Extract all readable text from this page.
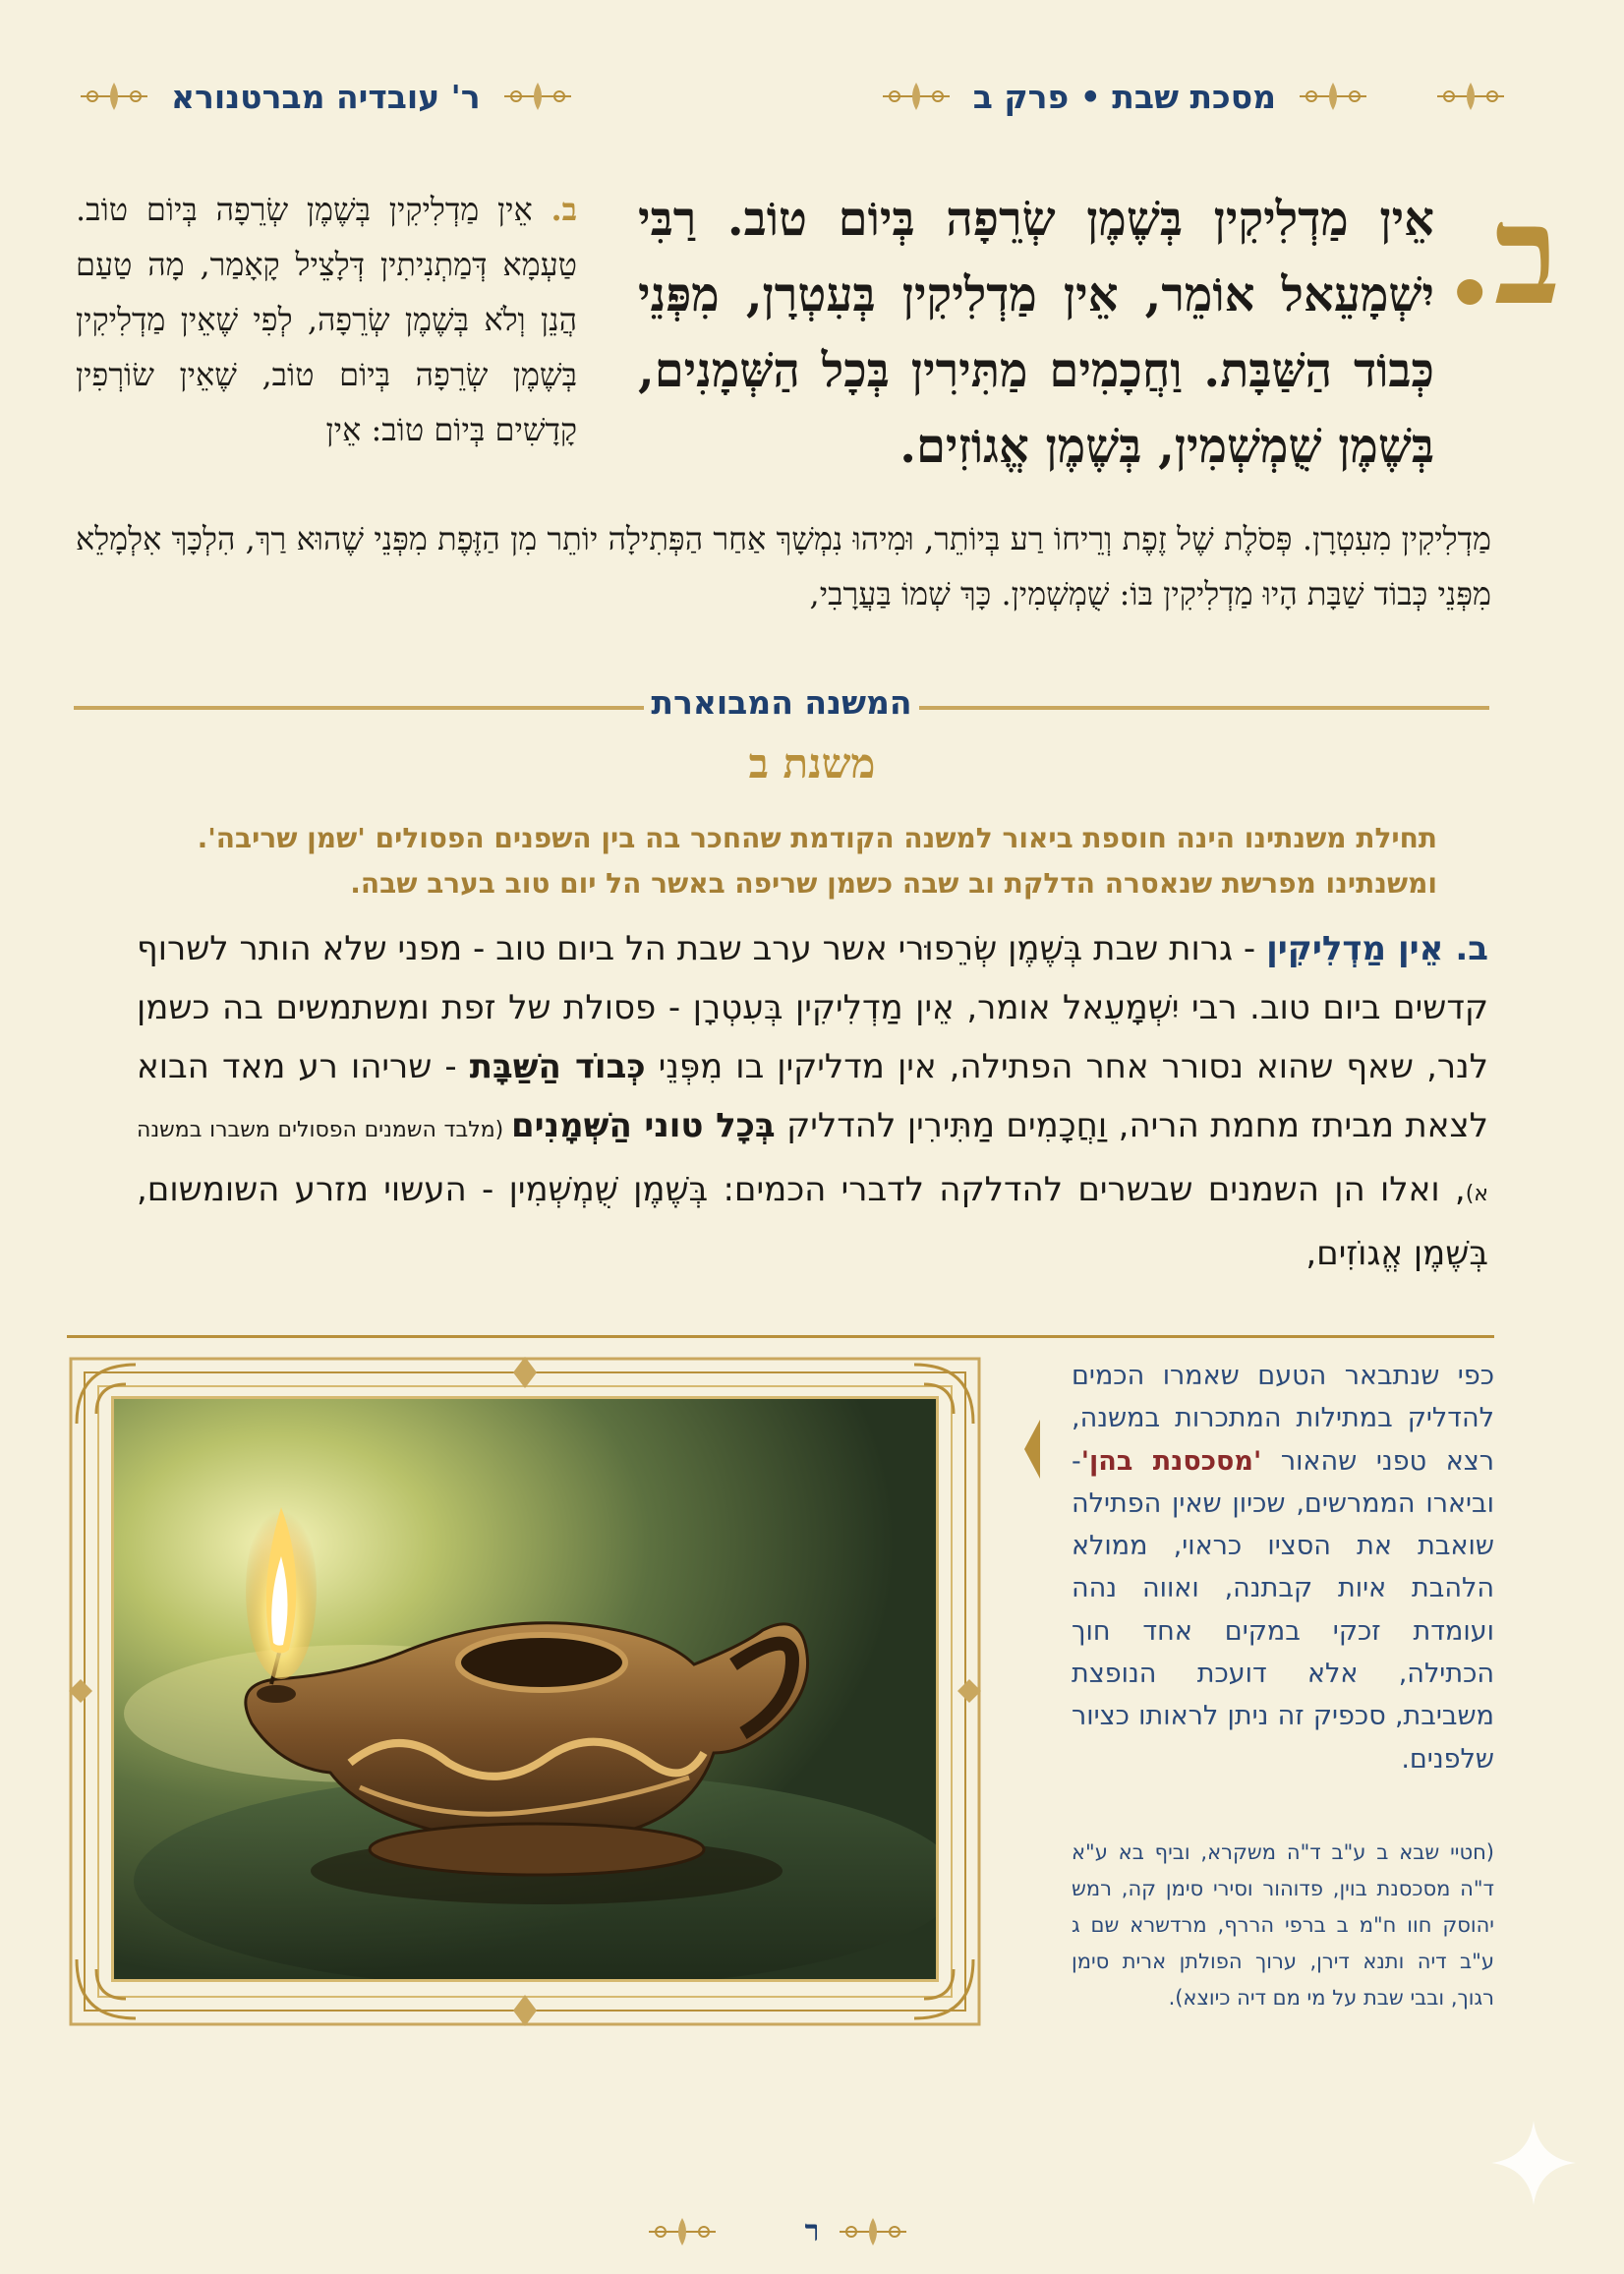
מסכת שבת • פרק ב
ר' עובדיה מברטנורא
ב.
אֵין מַדְלִיקִין בְּשֶׁמֶן שְׂרֵפָה בְּיוֹם טוֹב. רַבִּי יִשְׁמָעֵאל אוֹמֵר, אֵין מַדְלִיקִין בְּעִטְרָן, מִפְּנֵי כְּבוֹד הַשַּׁבָּת. וַחֲכָמִים מַתִּירִין בְּכָל הַשְּׁמָנִים, בְּשֶׁמֶן שֻׁמְשְׁמִין, בְּשֶׁמֶן אֱגוֹזִים.
ב. אֵין מַדְלִיקִין בְּשֶׁמֶן שְׂרֵפָה בְּיוֹם טוֹב. טַעְמָא דְּמַתְנִיתִין דְּלָצֵיל קָאָמַר, מָה טַעַם הֲנֵן וְלֹא בְּשֶׁמֶן שְׂרֵפָה, לְפִי שֶׁאֵין מַדְלִיקִין בְּשֶׁמֶן שְׂרֵפָה בְּיוֹם טוֹב, שֶׁאֵין שׂוֹרְפִין קָדָשִׁים בְּיוֹם טוֹב: אֵין
מַדְלִיקִין מִעִטְרָן. פְּסֹלֶת שֶׁל זֶפֶת וְרֵיחוֹ רַע בְּיוֹתֵר, וּמִיהוּ נִמְשָׁךְ אַחַר הַפְּתִילָה יוֹתֵר מִן הַזֶּפֶת מִפְּנֵי שֶׁהוּא רַךְ, הִלְכָּךְ אִלְמָלֵא מִפְּנֵי כְּבוֹד שַׁבָּת הָיוּ מַדְלִיקִין בּוֹ: שֻׁמְשְׁמִין. כָּךְ שְׁמוֹ בַּעֲרָבִי,
המשנה המבוארת
משנת ב
תחילת משנתינו הינה חוספת ביאור למשנה הקודמת שהחכר בה בין השפנים הפסולים 'שמן שריבה'.
ומשנתינו מפרשת שנאסרה הדלקת וב שבה כשמן שריפה באשר הל יום טוב בערב שבה.
ב. אֵין מַדְלִיקִין - גרות שבת בְּשֶׁמֶן שְׂרֵפוּרי אשר ערב שבת הל ביום טוב - מפני שלא הותר לשרוף קדשים ביום טוב. רבי יִשְׁמָעֵאל אומר, אֵין מַדְלִיקִין בְּעִטְרָן - פסולת של זפת ומשתמשים בה כשמן לנר, שאף שהוא נסורר אחר הפתילה, אין מדליקין בו מִפְּנֵי כְּבוֹד הַשַּׁבָּת - שריהו רע מאד הבוא לצאת מביתז מחמת הריה, וַחֲכָמִים מַתִּירִין להדליק בְּכָל טוני הַשְּׁמָנִים (מלבד השמנים הפסולים משברו במשנה א), ואלו הן השמנים שבשרים להדלקה לדברי הכמים: בְּשֶׁמֶן שֻׁמְשְׁמִין - העשוי מזרע השומשום, בְּשֶׁמֶן אֱגוֹזִים,
כפי שנתבאר הטעם שאמרו הכמים להדליק במתילות המתכרות במשנה, רצא טפני שהאור 'מסכסנת בהן'- וביארו הממרשים, שכיון שאין הפתילה שואבת את הסציו כראוי, ממולא הלהבת איות קבתנה, ואווה נהה ועומדת זכקי במקים אחד חוך הכתילה, אלא דועכת הנופצת משביבת, סכפיק זה ניתן לראותו כציור שלפנים.
(חטיי שבא ב ע"ב ד"ה משקרא, וביף בא ע"א ד"ה מסכסנת בוין, פדוהור וסירי סימן קה, רמש יהוסק חוו ח"מ ב ברפי הררף, מרדשרא שם ג ע"ב דיה ותנא דירן, ערוך הפולתן ארית סימן רגוך, ובבי שבת על מי מם דיה כיוצא).
ר
